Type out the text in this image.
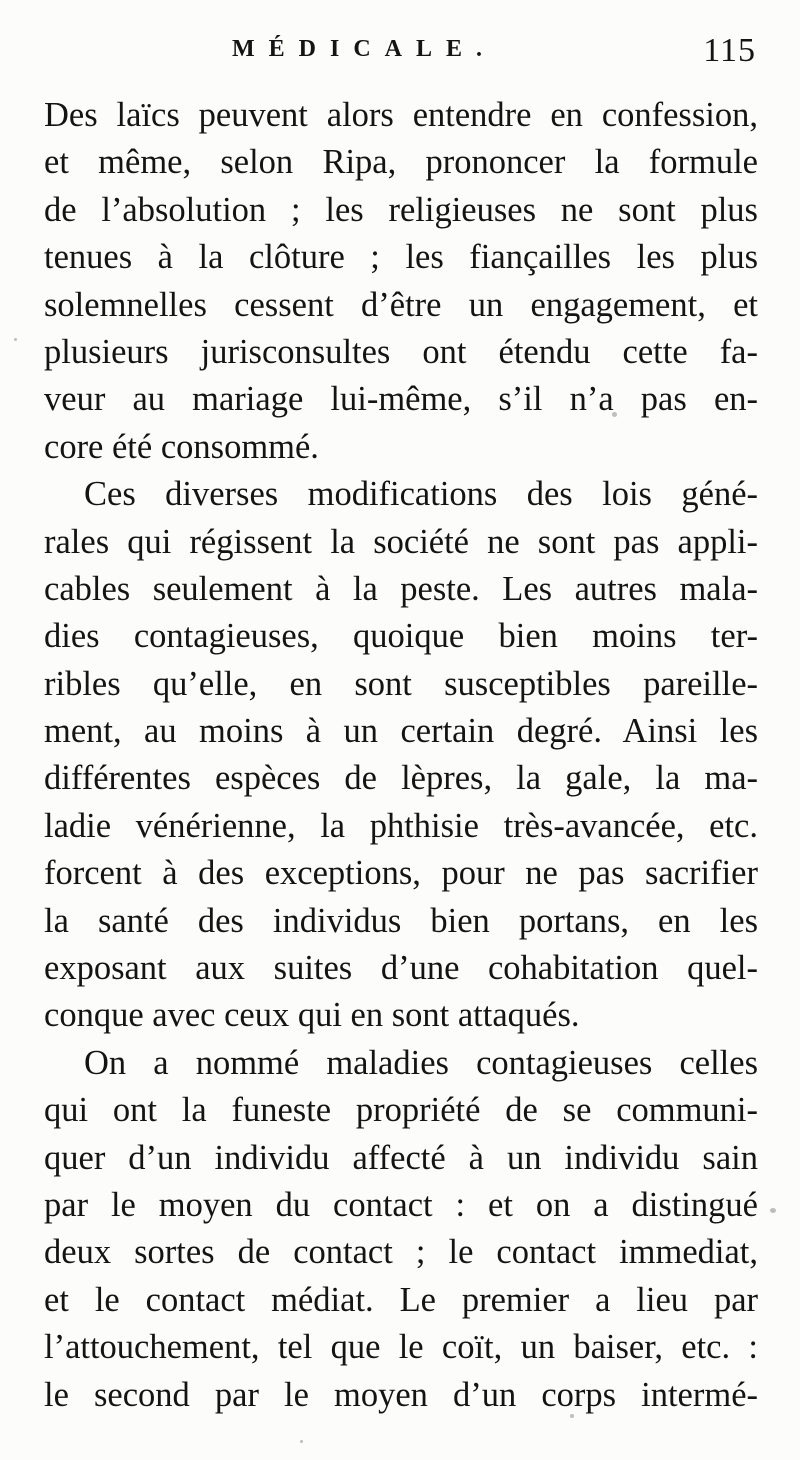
MÉDICALE.	115
Des laïcs peuvent alors entendre en confession,
et même, selon Ripa, prononcer la formule
de l’absolution ; les religieuses ne sont plus
tenues à la clôture ; les fiançailles les plus
solemnelles cessent d’être un engagement, et
plusieurs jurisconsultes ont étendu cette fa-
veur au mariage lui-même, s’il n’a pas en-
core été consommé.
Ces diverses modifications des lois géné-
rales qui régissent la société ne sont pas appli-
cables seulement à la peste. Les autres mala-
dies contagieuses, quoique bien moins ter-
ribles qu’elle, en sont susceptibles pareille-
ment, au moins à un certain degré. Ainsi les
différentes espèces de lèpres, la gale, la ma-
ladie vénérienne, la phthisie très-avancée, etc.
forcent à des exceptions, pour ne pas sacrifier
la santé des individus bien portans, en les
exposant aux suites d’une cohabitation quel-
conque avec ceux qui en sont attaqués.
On a nommé maladies contagieuses celles
qui ont la funeste propriété de se communi-
quer d’un individu affecté à un individu sain
par le moyen du contact : et on a distingué
deux sortes de contact ; le contact immediat,
et le contact médiat. Le premier a lieu par
l’attouchement, tel que le coït, un baiser, etc. :
le second par le moyen d’un corps intermé-
